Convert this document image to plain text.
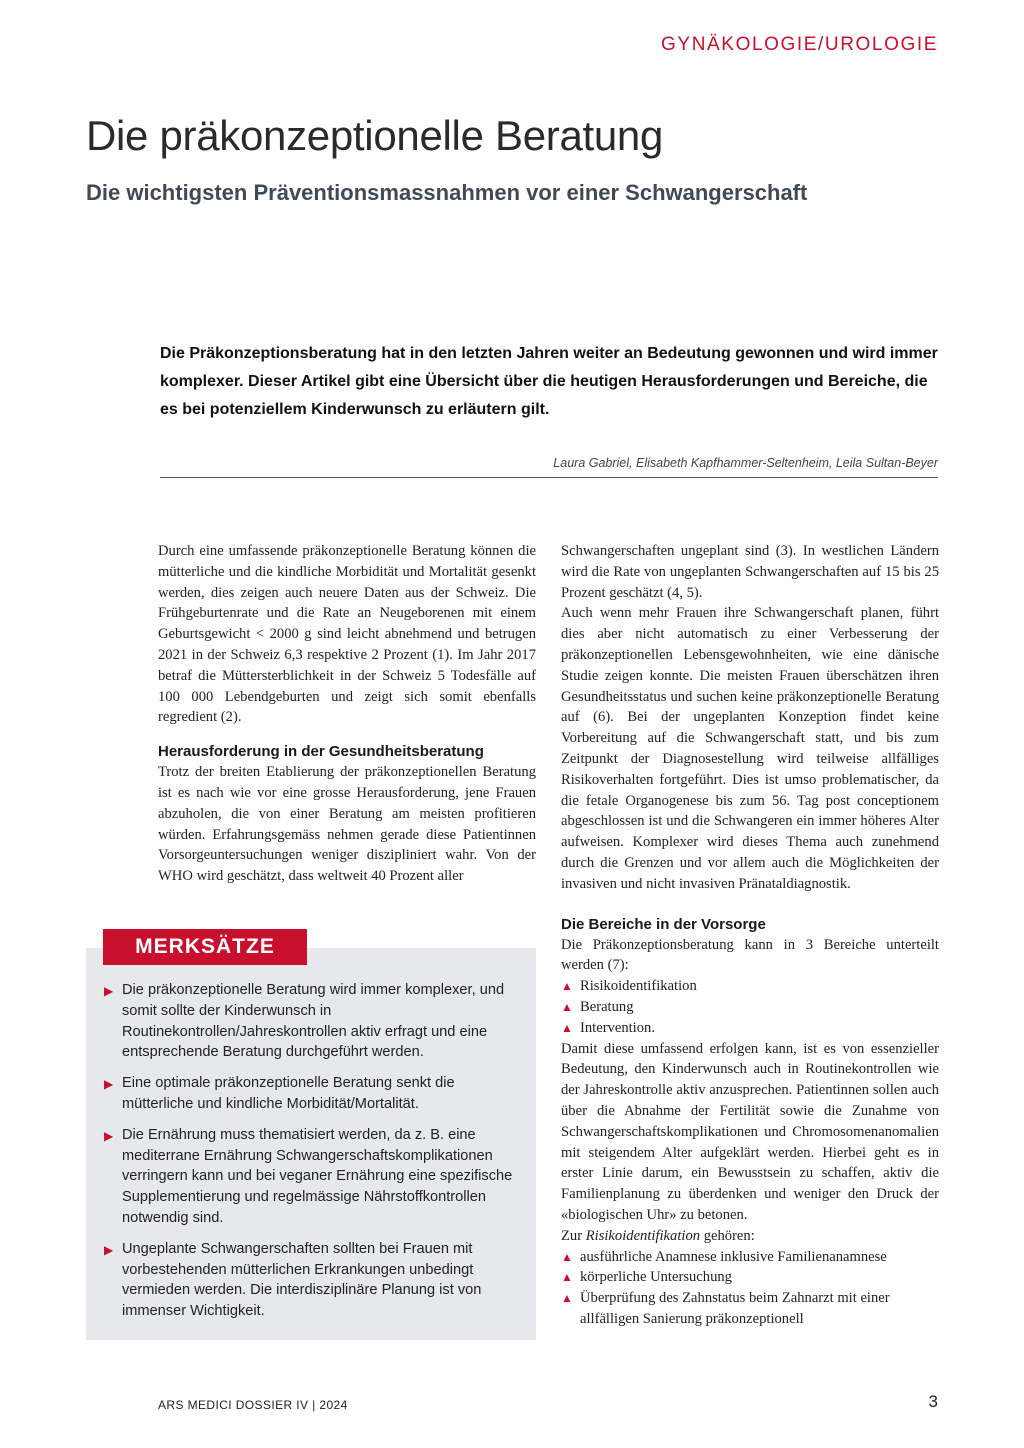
GYNÄKOLOGIE/UROLOGIE
Die präkonzeptionelle Beratung
Die wichtigsten Präventionsmassnahmen vor einer Schwangerschaft
Die Präkonzeptionsberatung hat in den letzten Jahren weiter an Bedeutung gewonnen und wird immer komplexer. Dieser Artikel gibt eine Übersicht über die heutigen Herausforderungen und Bereiche, die es bei potenziellem Kinderwunsch zu erläutern gilt.
Laura Gabriel, Elisabeth Kapfhammer-Seltenheim, Leila Sultan-Beyer

Durch eine umfassende präkonzeptionelle Beratung können die mütterliche und die kindliche Morbidität und Mortalität gesenkt werden, dies zeigen auch neuere Daten aus der Schweiz. Die Frühgeburtenrate und die Rate an Neugeborenen mit einem Geburtsgewicht < 2000 g sind leicht abnehmend und betrugen 2021 in der Schweiz 6,3 respektive 2 Prozent (1). Im Jahr 2017 betraf die Müttersterblichkeit in der Schweiz 5 Todesfälle auf 100 000 Lebendgeburten und zeigt sich somit ebenfalls regredient (2).

Herausforderung in der Gesundheitsberatung

Trotz der breiten Etablierung der präkonzeptionellen Beratung ist es nach wie vor eine grosse Herausforderung, jene Frauen abzuholen, die von einer Beratung am meisten profitieren würden. Erfahrungsgemäss nehmen gerade diese Patientinnen Vorsorgeuntersuchungen weniger diszipliniert wahr. Von der WHO wird geschätzt, dass weltweit 40 Prozent aller

Schwangerschaften ungeplant sind (3). In westlichen Ländern wird die Rate von ungeplanten Schwangerschaften auf 15 bis 25 Prozent geschätzt (4, 5).

Auch wenn mehr Frauen ihre Schwangerschaft planen, führt dies aber nicht automatisch zu einer Verbesserung der präkonzeptionellen Lebensgewohnheiten, wie eine dänische Studie zeigen konnte. Die meisten Frauen überschätzen ihren Gesundheitsstatus und suchen keine präkonzeptionelle Beratung auf (6). Bei der ungeplanten Konzeption findet keine Vorbereitung auf die Schwangerschaft statt, und bis zum Zeitpunkt der Diagnosestellung wird teilweise allfälliges Risikoverhalten fortgeführt. Dies ist umso problematischer, da die fetale Organogenese bis zum 56. Tag post conceptionem abgeschlossen ist und die Schwangeren ein immer höheres Alter aufweisen. Komplexer wird dieses Thema auch zunehmend durch die Grenzen und vor allem auch die Möglichkeiten der invasiven und nicht invasiven Pränataldiagnostik.

Die Bereiche in der Vorsorge

Die Präkonzeptionsberatung kann in 3 Bereiche unterteilt werden (7):

▲ Risikoidentifikation
▲ Beratung
▲ Intervention.

Damit diese umfassend erfolgen kann, ist es von essenzieller Bedeutung, den Kinderwunsch auch in Routinekontrollen wie der Jahreskontrolle aktiv anzusprechen. Patientinnen sollen auch über die Abnahme der Fertilität sowie die Zunahme von Schwangerschaftskomplikationen und Chromosomenanomalien mit steigendem Alter aufgeklärt werden. Hierbei geht es in erster Linie darum, ein Bewusstsein zu schaffen, aktiv die Familienplanung zu überdenken und weniger den Druck der «biologischen Uhr» zu betonen.

Zur Risikoidentifikation gehören:

▲ ausführliche Anamnese inklusive Familienanamnese
▲ körperliche Untersuchung
▲ Überprüfung des Zahnstatus beim Zahnarzt mit einer allfälligen Sanierung präkonzeptionell
MERKSÄTZE
▶ Die präkonzeptionelle Beratung wird immer komplexer, und somit sollte der Kinderwunsch in Routinekontrollen/Jahreskontrollen aktiv erfragt und eine entsprechende Beratung durchgeführt werden.
▶ Eine optimale präkonzeptionelle Beratung senkt die mütterliche und kindliche Morbidität/Mortalität.
▶ Die Ernährung muss thematisiert werden, da z. B. eine mediterrane Ernährung Schwangerschaftskomplikationen verringern kann und bei veganer Ernährung eine spezifische Supplementierung und regelmässige Nährstoffkontrollen notwendig sind.
▶ Ungeplante Schwangerschaften sollten bei Frauen mit vorbestehenden mütterlichen Erkrankungen unbedingt vermieden werden. Die interdisziplinäre Planung ist von immenser Wichtigkeit.
ARS MEDICI DOSSIER IV | 2024	3
